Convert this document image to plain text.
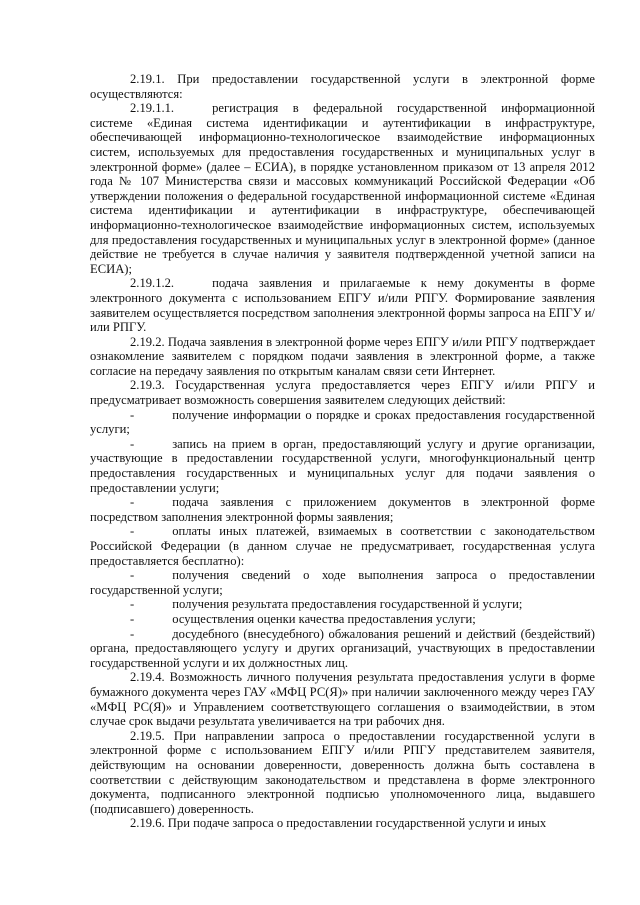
2.19.1. При предоставлении государственной услуги в электронной форме осуществляются:

2.19.1.1.	регистрация в федеральной государственной информационной системе «Единая система идентификации и аутентификации в инфраструктуре, обеспечивающей информационно-технологическое взаимодействие информационных систем, используемых для предоставления государственных и муниципальных услуг в электронной форме» (далее – ЕСИА), в порядке установленном приказом от 13 апреля 2012 года № 107 Министерства связи и массовых коммуникаций Российской Федерации «Об утверждении положения о федеральной государственной информационной системе «Единая система идентификации и аутентификации в инфраструктуре, обеспечивающей информационно-технологическое взаимодействие информационных систем, используемых для предоставления государственных и муниципальных услуг в электронной форме» (данное действие не требуется в случае наличия у заявителя подтвержденной учетной записи на ЕСИА);

2.19.1.2.	подача заявления и прилагаемые к нему документы в форме электронного документа с использованием ЕПГУ и/или РПГУ. Формирование заявления заявителем осуществляется посредством заполнения электронной формы запроса на ЕПГУ и/или РПГУ.

2.19.2. Подача заявления в электронной форме через ЕПГУ и/или РПГУ подтверждает ознакомление заявителем с порядком подачи заявления в электронной форме, а также согласие на передачу заявления по открытым каналам связи сети Интернет.

2.19.3. Государственная услуга предоставляется через ЕПГУ и/или РПГУ и предусматривает возможность совершения заявителем следующих действий:

-	получение информации о порядке и сроках предоставления государственной услуги;

-	запись на прием в орган, предоставляющий услугу и другие организации, участвующие в предоставлении государственной услуги, многофункциональный центр предоставления государственных и муниципальных услуг для подачи заявления о предоставлении услуги;

-	подача заявления с приложением документов в электронной форме посредством заполнения электронной формы заявления;

-	оплаты иных платежей, взимаемых в соответствии с законодательством Российской Федерации (в данном случае не предусматривает, государственная услуга предоставляется бесплатно):

-	получения сведений о ходе выполнения запроса о предоставлении государственной услуги;

-	получения результата предоставления государственной й услуги;

-	осуществления оценки качества предоставления услуги;

-	досудебного (внесудебного) обжалования решений и действий (бездействий) органа, предоставляющего услугу и других организаций, участвующих в предоставлении государственной услуги и их должностных лиц.

2.19.4. Возможность личного получения результата предоставления услуги в форме бумажного документа через ГАУ «МФЦ РС(Я)» при наличии заключенного между через ГАУ «МФЦ РС(Я)» и Управлением соответствующего соглашения о взаимодействии, в этом случае срок выдачи результата увеличивается на три рабочих дня.

2.19.5. При направлении запроса о предоставлении государственной услуги в электронной форме с использованием ЕПГУ и/или РПГУ представителем заявителя, действующим на основании доверенности, доверенность должна быть составлена в соответствии с действующим законодательством и представлена в форме электронного документа, подписанного электронной подписью уполномоченного лица, выдавшего (подписавшего) доверенность.

2.19.6. При подаче запроса о предоставлении государственной услуги и иных
